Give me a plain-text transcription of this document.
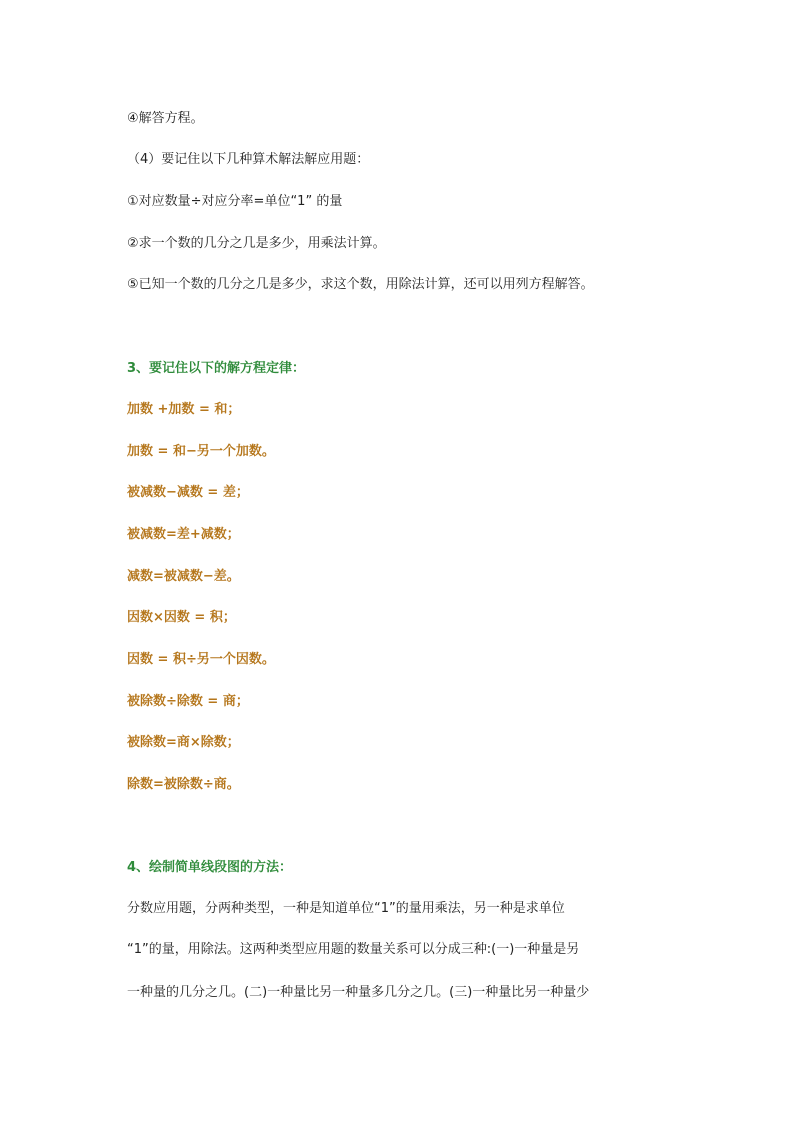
④解答方程。
（4）要记住以下几种算术解法解应用题：
①对应数量÷对应分率=单位“1” 的量
②求一个数的几分之几是多少，用乘法计算。
⑤已知一个数的几分之几是多少，求这个数，用除法计算，还可以用列方程解答。
3、要记住以下的解方程定律：
加数 +加数 = 和；
加数 = 和−另一个加数。
被减数−减数 = 差；
被减数=差+减数；
减数=被减数−差。
因数×因数 = 积；
因数 = 积÷另一个因数。
被除数÷除数 = 商；
被除数=商×除数；
除数=被除数÷商。
4、绘制简单线段图的方法：
分数应用题，分两种类型，一种是知道单位“1”的量用乘法，另一种是求单位
“1”的量，用除法。这两种类型应用题的数量关系可以分成三种:(一)一种量是另
一种量的几分之几。(二)一种量比另一种量多几分之几。(三)一种量比另一种量少
